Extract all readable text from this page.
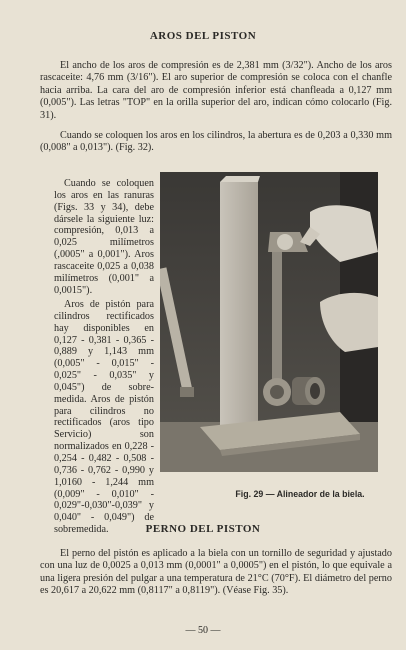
AROS DEL PISTON

El ancho de los aros de compresión es de 2,381 mm (3/32"). Ancho de los aros rascaceite: 4,76 mm (3/16"). El aro superior de compresión se coloca con el chanfle hacia arriba. La cara del aro de compresión inferior está chanfleada a 0,127 mm (0,005"). Las letras "TOP" en la orilla superior del aro, indican cómo colocarlo (Fig. 31).

Cuando se coloquen los aros en los cilindros, la abertura es de 0,203 a 0,330 mm (0,008" a 0,013"). (Fig. 32).

Cuando se coloquen los aros en las ranuras (Figs. 33 y 34), debe dársele la siguiente luz: compresión, 0,013 a 0,025 milímetros (,0005" a 0,001"). Aros rascaceite 0,025 a 0,038 milímetros (0,001" a 0,0015").

Aros de pistón para cilindros rectificados hay disponibles en 0,127 - 0,381 - 0,365 - 0,889 y 1,143 mm (0,005" - 0,015" - 0,025" - 0,035" y 0,045") de sobre-medida. Aros de pistón para cilindros no rectificados (aros tipo Servicio) son normalizados en 0,228 - 0,254 - 0,482 - 0,508 - 0,736 - 0,762 - 0,990 y 1,0160 - 1,244 mm (0,009" - 0,010" - 0,029"-0,030"-0,039" y 0,040" - 0,049") de sobremedida.

Fig. 29 — Alineador de la biela.
PERNO DEL PISTON

El perno del pistón es aplicado a la biela con un tornillo de seguridad y ajustado con una luz de 0,0025 a 0,013 mm (0,0001" a 0,0005") en el pistón, lo que equivale a una ligera presión del pulgar a una temperatura de 21°C (70°F). El diámetro del perno es 20,617 a 20,622 mm (0,8117" a 0,8119"). (Véase Fig. 35).

— 50 —
